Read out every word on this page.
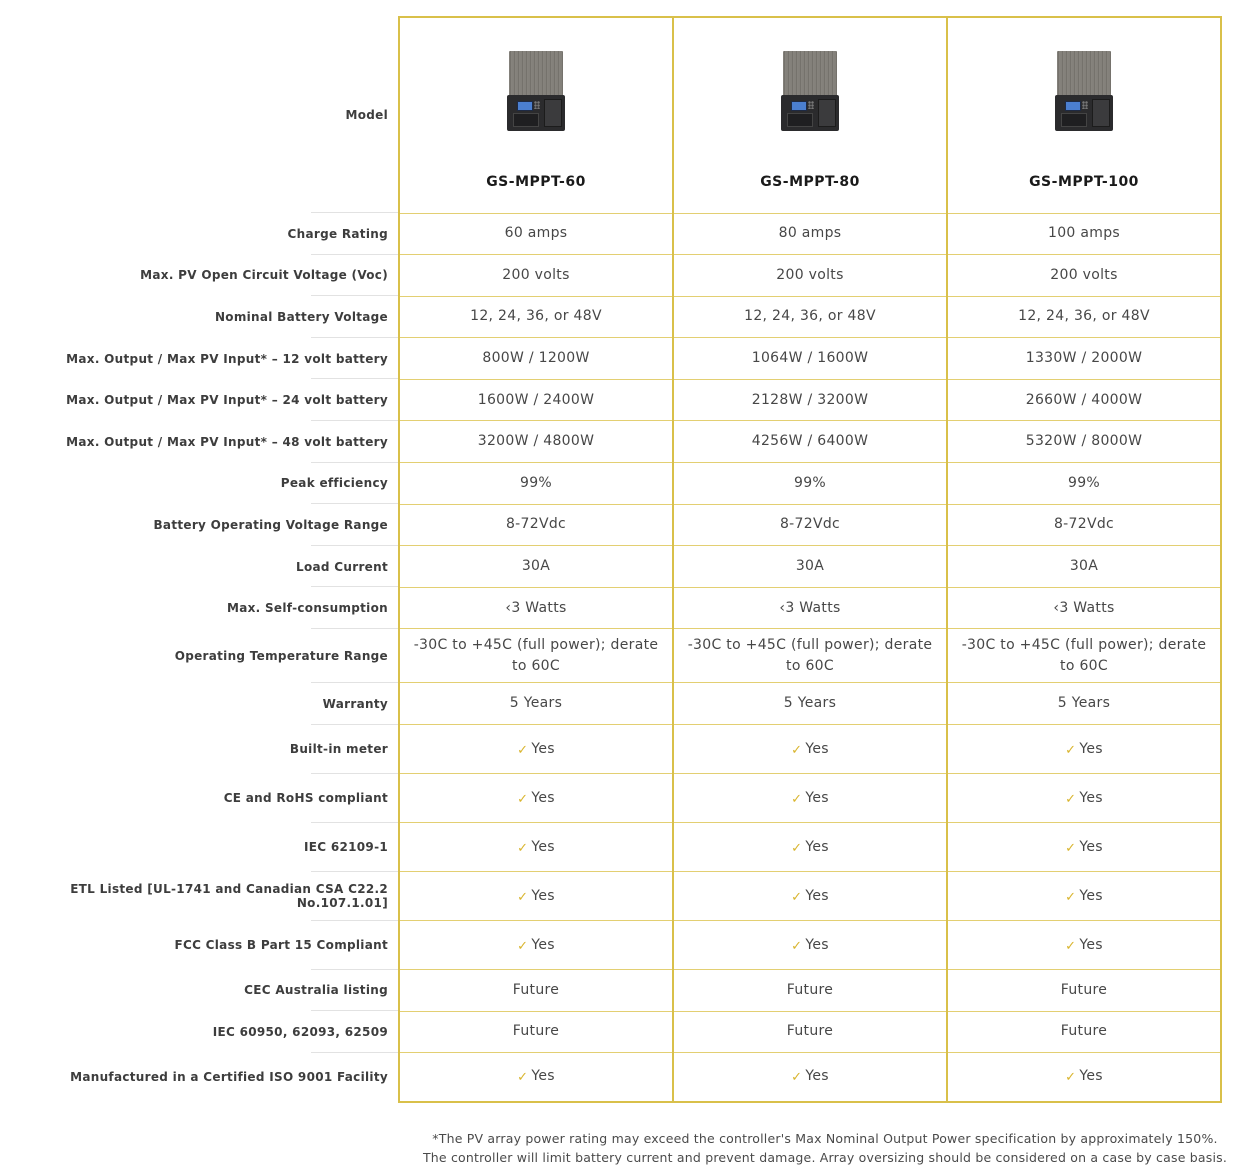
Model	GS-MPPT-60	GS-MPPT-80	GS-MPPT-100

Charge Rating	60 amps	80 amps	100 amps
Max. PV Open Circuit Voltage (Voc)	200 volts	200 volts	200 volts
Nominal Battery Voltage	12, 24, 36, or 48V	12, 24, 36, or 48V	12, 24, 36, or 48V
Max. Output / Max PV Input* – 12 volt battery	800W / 1200W	1064W / 1600W	1330W / 2000W
Max. Output / Max PV Input* – 24 volt battery	1600W / 2400W	2128W / 3200W	2660W / 4000W
Max. Output / Max PV Input* – 48 volt battery	3200W / 4800W	4256W / 6400W	5320W / 8000W
Peak efficiency	99%	99%	99%
Battery Operating Voltage Range	8-72Vdc	8-72Vdc	8-72Vdc
Load Current	30A	30A	30A
Max. Self-consumption	‹3 Watts	‹3 Watts	‹3 Watts
Operating Temperature Range	-30C to +45C (full power); derate to 60C	-30C to +45C (full power); derate to 60C	-30C to +45C (full power); derate to 60C
Warranty	5 Years	5 Years	5 Years
Built-in meter	✓ Yes	✓ Yes	✓ Yes
CE and RoHS compliant	✓ Yes	✓ Yes	✓ Yes
IEC 62109-1	✓ Yes	✓ Yes	✓ Yes
ETL Listed [UL-1741 and Canadian CSA C22.2 No.107.1.01]	✓ Yes	✓ Yes	✓ Yes
FCC Class B Part 15 Compliant	✓ Yes	✓ Yes	✓ Yes
CEC Australia listing	Future	Future	Future
IEC 60950, 62093, 62509	Future	Future	Future
Manufactured in a Certified ISO 9001 Facility	✓ Yes	✓ Yes	✓ Yes
*The PV array power rating may exceed the controller's Max Nominal Output Power specification by approximately 150%. The controller will limit battery current and prevent damage. Array oversizing should be considered on a case by case basis.
